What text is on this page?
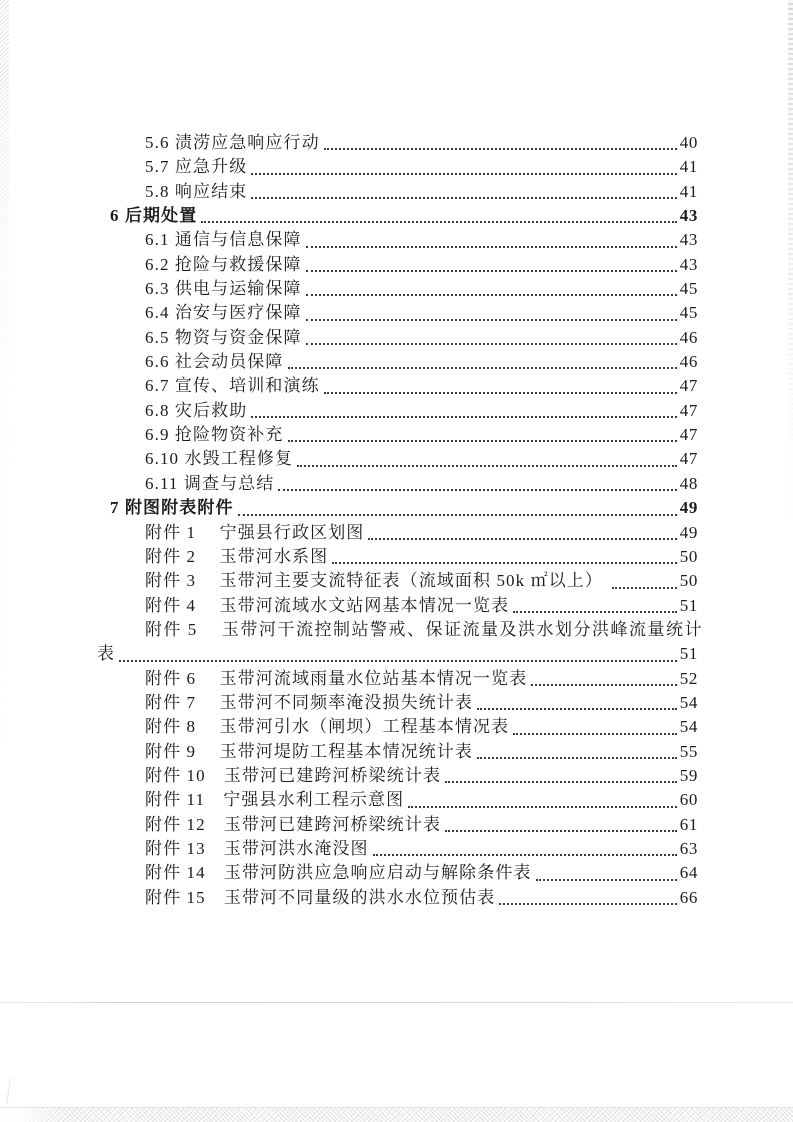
5.6 渍涝应急响应行动	40
5.7 应急升级	41
5.8 响应结束	41
6 后期处置	43
6.1 通信与信息保障	43
6.2 抢险与救援保障	43
6.3 供电与运输保障	45
6.4 治安与医疗保障	45
6.5 物资与资金保障	46
6.6 社会动员保障	46
6.7 宣传、培训和演练	47
6.8 灾后救助	47
6.9 抢险物资补充	47
6.10 水毁工程修复	47
6.11 调查与总结	48
7 附图附表附件	49
附件 1　 宁强县行政区划图	49
附件 2　 玉带河水系图	50
附件 3　 玉带河主要支流特征表（流域面积 50k ㎡以上）	50
附件 4　 玉带河流域水文站网基本情况一览表	51
附件 5　 玉带河干流控制站警戒、保证流量及洪水划分洪峰流量统计
表	51
附件 6　 玉带河流域雨量水位站基本情况一览表	52
附件 7　 玉带河不同频率淹没损失统计表	54
附件 8　 玉带河引水（闸坝）工程基本情况表	54
附件 9　 玉带河堤防工程基本情况统计表	55
附件 10　玉带河已建跨河桥梁统计表	59
附件 11　宁强县水利工程示意图	60
附件 12　玉带河已建跨河桥梁统计表	61
附件 13　玉带河洪水淹没图	63
附件 14　玉带河防洪应急响应启动与解除条件表	64
附件 15　玉带河不同量级的洪水水位预估表	66
